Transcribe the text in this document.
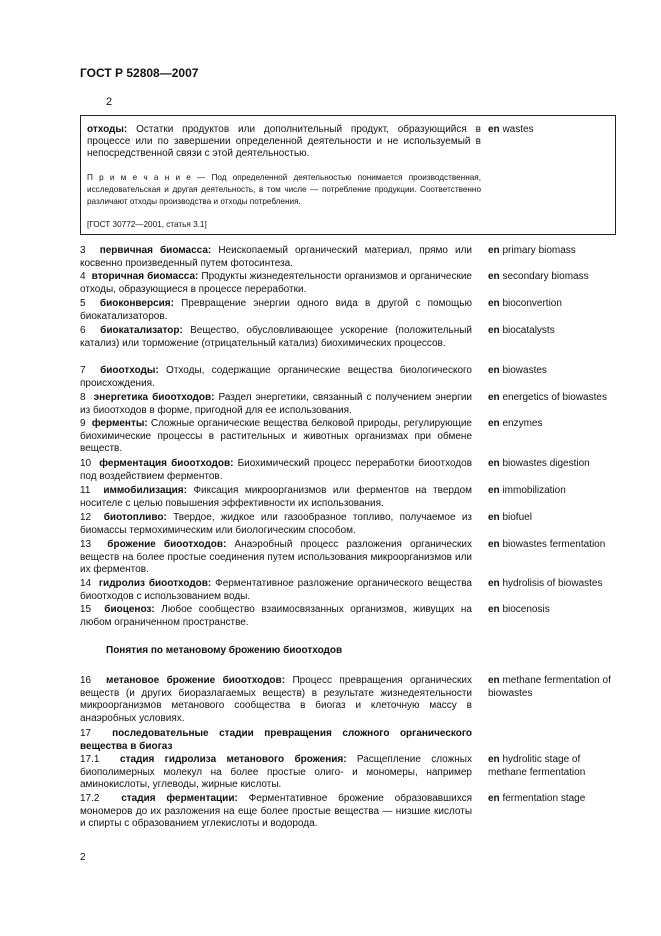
ГОСТ Р 52808—2007
2
отходы: Остатки продуктов или дополнительный продукт, образующийся в процессе или по завершении определенной деятельности и не используемый в непосредственной связи с этой деятельностью.
П р и м е ч а н и е — Под определенной деятельностью понимается производственная, исследовательская и другая деятельность, в том числе — потребление продукции. Соответственно различают отходы производства и отходы потребления.
[ГОСТ 30772—2001, статья 3.1]
en wastes
3 первичная биомасса: Неископаемый органический материал, прямо или косвенно произведенный путем фотосинтеза.
en primary biomass
4 вторичная биомасса: Продукты жизнедеятельности организмов и органические отходы, образующиеся в процессе переработки.
en secondary biomass
5 биоконверсия: Превращение энергии одного вида в другой с помощью биокатализаторов.
en bioconvertion
6 биокатализатор: Вещество, обусловливающее ускорение (положительный катализ) или торможение (отрицательный катализ) биохимических процессов.
en biocatalysts
7 биоотходы: Отходы, содержащие органические вещества биологического происхождения.
en biowastes
8 энергетика биоотходов: Раздел энергетики, связанный с получением энергии из биоотходов в форме, пригодной для ее использования.
en energetics of biowastes
9 ферменты: Сложные органические вещества белковой природы, регулирующие биохимические процессы в растительных и животных организмах при обмене веществ.
en enzymes
10 ферментация биоотходов: Биохимический процесс переработки биоотходов под воздействием ферментов.
en biowastes digestion
11 иммобилизация: Фиксация микроорганизмов или ферментов на твердом носителе с целью повышения эффективности их использования.
en immobilization
12 биотопливо: Твердое, жидкое или газообразное топливо, получаемое из биомассы термохимическим или биологическим способом.
en biofuel
13 брожение биоотходов: Анаэробный процесс разложения органических веществ на более простые соединения путем использования микроорганизмов или их ферментов.
en biowastes fermentation
14 гидролиз биоотходов: Ферментативное разложение органического вещества биоотходов с использованием воды.
en hydrolisis of biowastes
15 биоценоз: Любое сообщество взаимосвязанных организмов, живущих на любом ограниченном пространстве.
en biocenosis
Понятия по метановому брожению биоотходов
16 метановое брожение биоотходов: Процесс превращения органических веществ (и других биоразлагаемых веществ) в результате жизнедеятельности микроорганизмов метанового сообщества в биогаз и клеточную массу в анаэробных условиях.
en methane fermentation of biowastes
17 последовательные стадии превращения сложного органического вещества в биогаз
17.1 стадия гидролиза метанового брожения: Расщепление сложных биополимерных молекул на более простые олиго- и мономеры, например аминокислоты, углеводы, жирные кислоты.
en hydrolitic stage of methane fermentation
17.2 стадия ферментации: Ферментативное брожение образовавшихся мономеров до их разложения на еще более простые вещества — низшие кислоты и спирты с образованием углекислоты и водорода.
en fermentation stage
2
